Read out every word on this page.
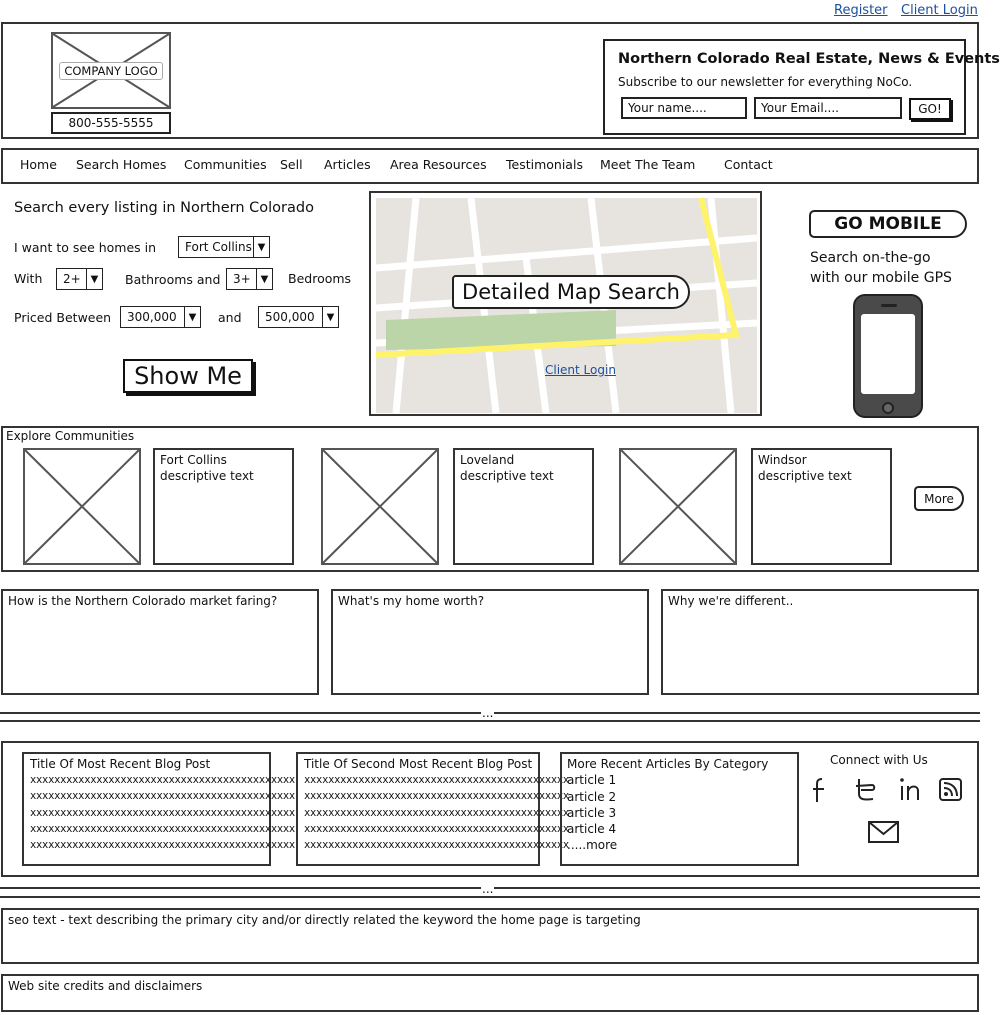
Register Client Login
COMPANY LOGO
800-555-5555
Northern Colorado Real Estate, News & Events
Subscribe to our newsletter for everything NoCo.
Your name....	Your Email....	GO!
Home Search Homes Communities Sell Articles Area Resources Testimonials Meet The Team Contact
Search every listing in Northern Colorado
I want to see homes in Fort Collins ▼
With 2+ ▼ Bathrooms and 3+ ▼ Bedrooms
Priced Between 300,000	▼ and 500,000	▼
Show Me
Detailed Map Search
Client Login
GO MOBILE
Search on-the-go
with our mobile GPS
Explore Communities
Fort Collins
descriptive text
Loveland
descriptive text
Windsor
descriptive text
More
How is the Northern Colorado market faring?	What's my home worth?	Why we're different..
...
Title Of Most Recent Blog Post
xxxxxxxxxxxxxxxxxxxxxxxxxxxxxxxxxxxxxxxxxxxx
xxxxxxxxxxxxxxxxxxxxxxxxxxxxxxxxxxxxxxxxxxxx
xxxxxxxxxxxxxxxxxxxxxxxxxxxxxxxxxxxxxxxxxxxx
xxxxxxxxxxxxxxxxxxxxxxxxxxxxxxxxxxxxxxxxxxxx
xxxxxxxxxxxxxxxxxxxxxxxxxxxxxxxxxxxxxxxxxxxx
Title Of Second Most Recent Blog Post
xxxxxxxxxxxxxxxxxxxxxxxxxxxxxxxxxxxxxxxxxxxx
xxxxxxxxxxxxxxxxxxxxxxxxxxxxxxxxxxxxxxxxxxxx
xxxxxxxxxxxxxxxxxxxxxxxxxxxxxxxxxxxxxxxxxxxx
xxxxxxxxxxxxxxxxxxxxxxxxxxxxxxxxxxxxxxxxxxxx
xxxxxxxxxxxxxxxxxxxxxxxxxxxxxxxxxxxxxxxxxxxx
More Recent Articles By Category
article 1
article 2
article 3
article 4
.....more
Connect with Us
...
seo text - text describing the primary city and/or directly related the keyword the home page is targeting
Web site credits and disclaimers
